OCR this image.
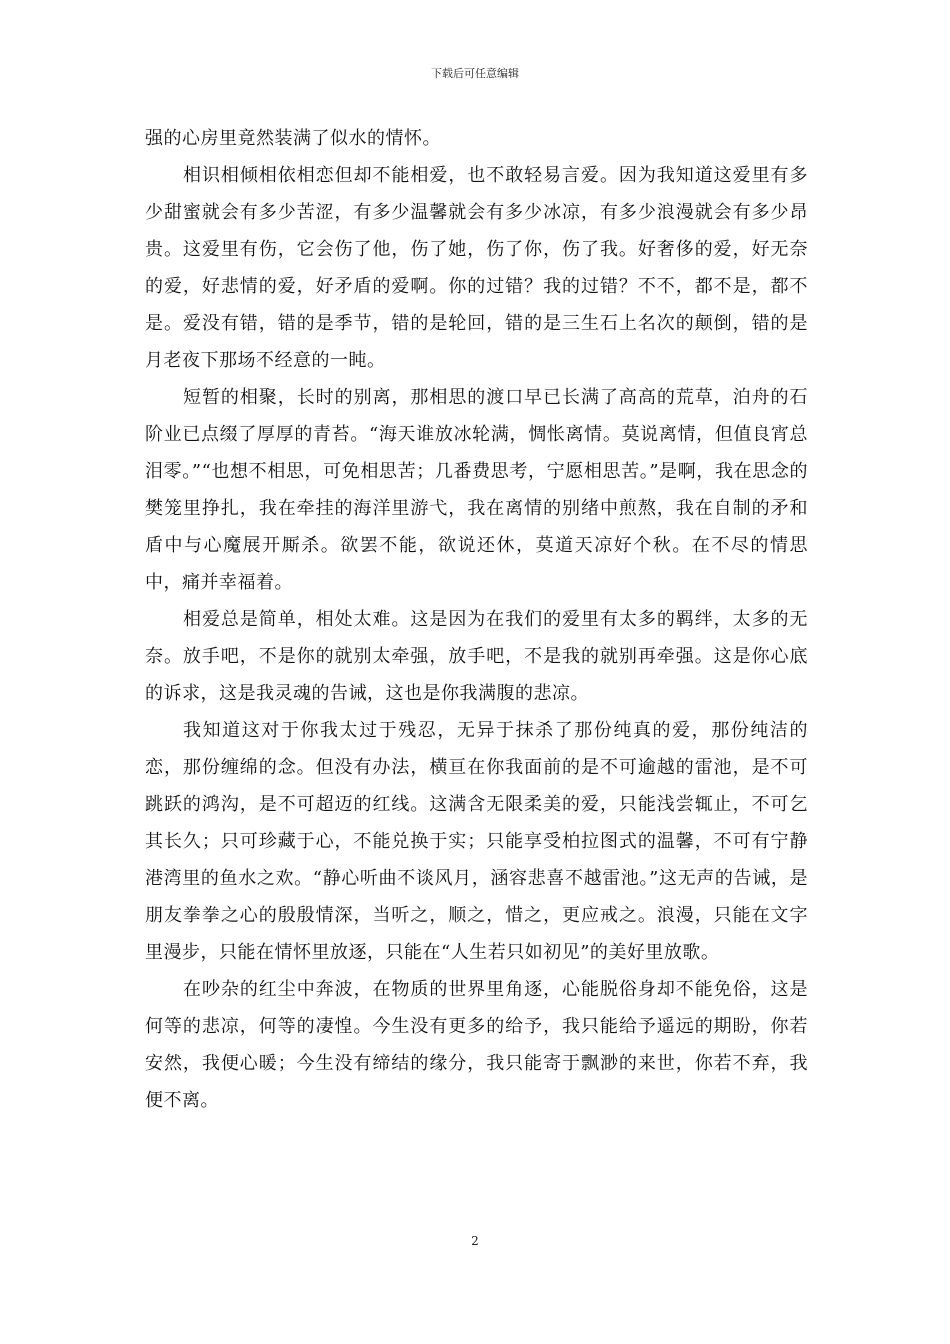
下载后可任意编辑

强的心房里竟然装满了似水的情怀。

相识相倾相依相恋但却不能相爱，也不敢轻易言爱。因为我知道这爱里有多少甜蜜就会有多少苦涩，有多少温馨就会有多少冰凉，有多少浪漫就会有多少昂贵。这爱里有伤，它会伤了他，伤了她，伤了你，伤了我。好奢侈的爱，好无奈的爱，好悲情的爱，好矛盾的爱啊。你的过错？我的过错？不不，都不是，都不是。爱没有错，错的是季节，错的是轮回，错的是三生石上名次的颠倒，错的是月老夜下那场不经意的一盹。

短暂的相聚，长时的别离，那相思的渡口早已长满了高高的荒草，泊舟的石阶业已点缀了厚厚的青苔。“海天谁放冰轮满，惆怅离情。莫说离情，但值良宵总泪零。”“也想不相思，可免相思苦；几番费思考，宁愿相思苦。”是啊，我在思念的樊笼里挣扎，我在牵挂的海洋里游弋，我在离情的别绪中煎熬，我在自制的矛和盾中与心魔展开厮杀。欲罢不能，欲说还休，莫道天凉好个秋。在不尽的情思中，痛并幸福着。

相爱总是简单，相处太难。这是因为在我们的爱里有太多的羁绊，太多的无奈。放手吧，不是你的就别太牵强，放手吧，不是我的就别再牵强。这是你心底的诉求，这是我灵魂的告诫，这也是你我满腹的悲凉。

我知道这对于你我太过于残忍，无异于抹杀了那份纯真的爱，那份纯洁的恋，那份缠绵的念。但没有办法，横亘在你我面前的是不可逾越的雷池，是不可跳跃的鸿沟，是不可超迈的红线。这满含无限柔美的爱，只能浅尝辄止，不可乞其长久；只可珍藏于心，不能兑换于实；只能享受柏拉图式的温馨，不可有宁静港湾里的鱼水之欢。“静心听曲不谈风月，涵容悲喜不越雷池。”这无声的告诫，是朋友拳拳之心的殷殷情深，当听之，顺之，惜之，更应戒之。浪漫，只能在文字里漫步，只能在情怀里放逐，只能在“人生若只如初见”的美好里放歌。

在吵杂的红尘中奔波，在物质的世界里角逐，心能脱俗身却不能免俗，这是何等的悲凉，何等的凄惶。今生没有更多的给予，我只能给予遥远的期盼，你若安然，我便心暖；今生没有缔结的缘分，我只能寄于飘渺的来世，你若不弃，我便不离。

2
